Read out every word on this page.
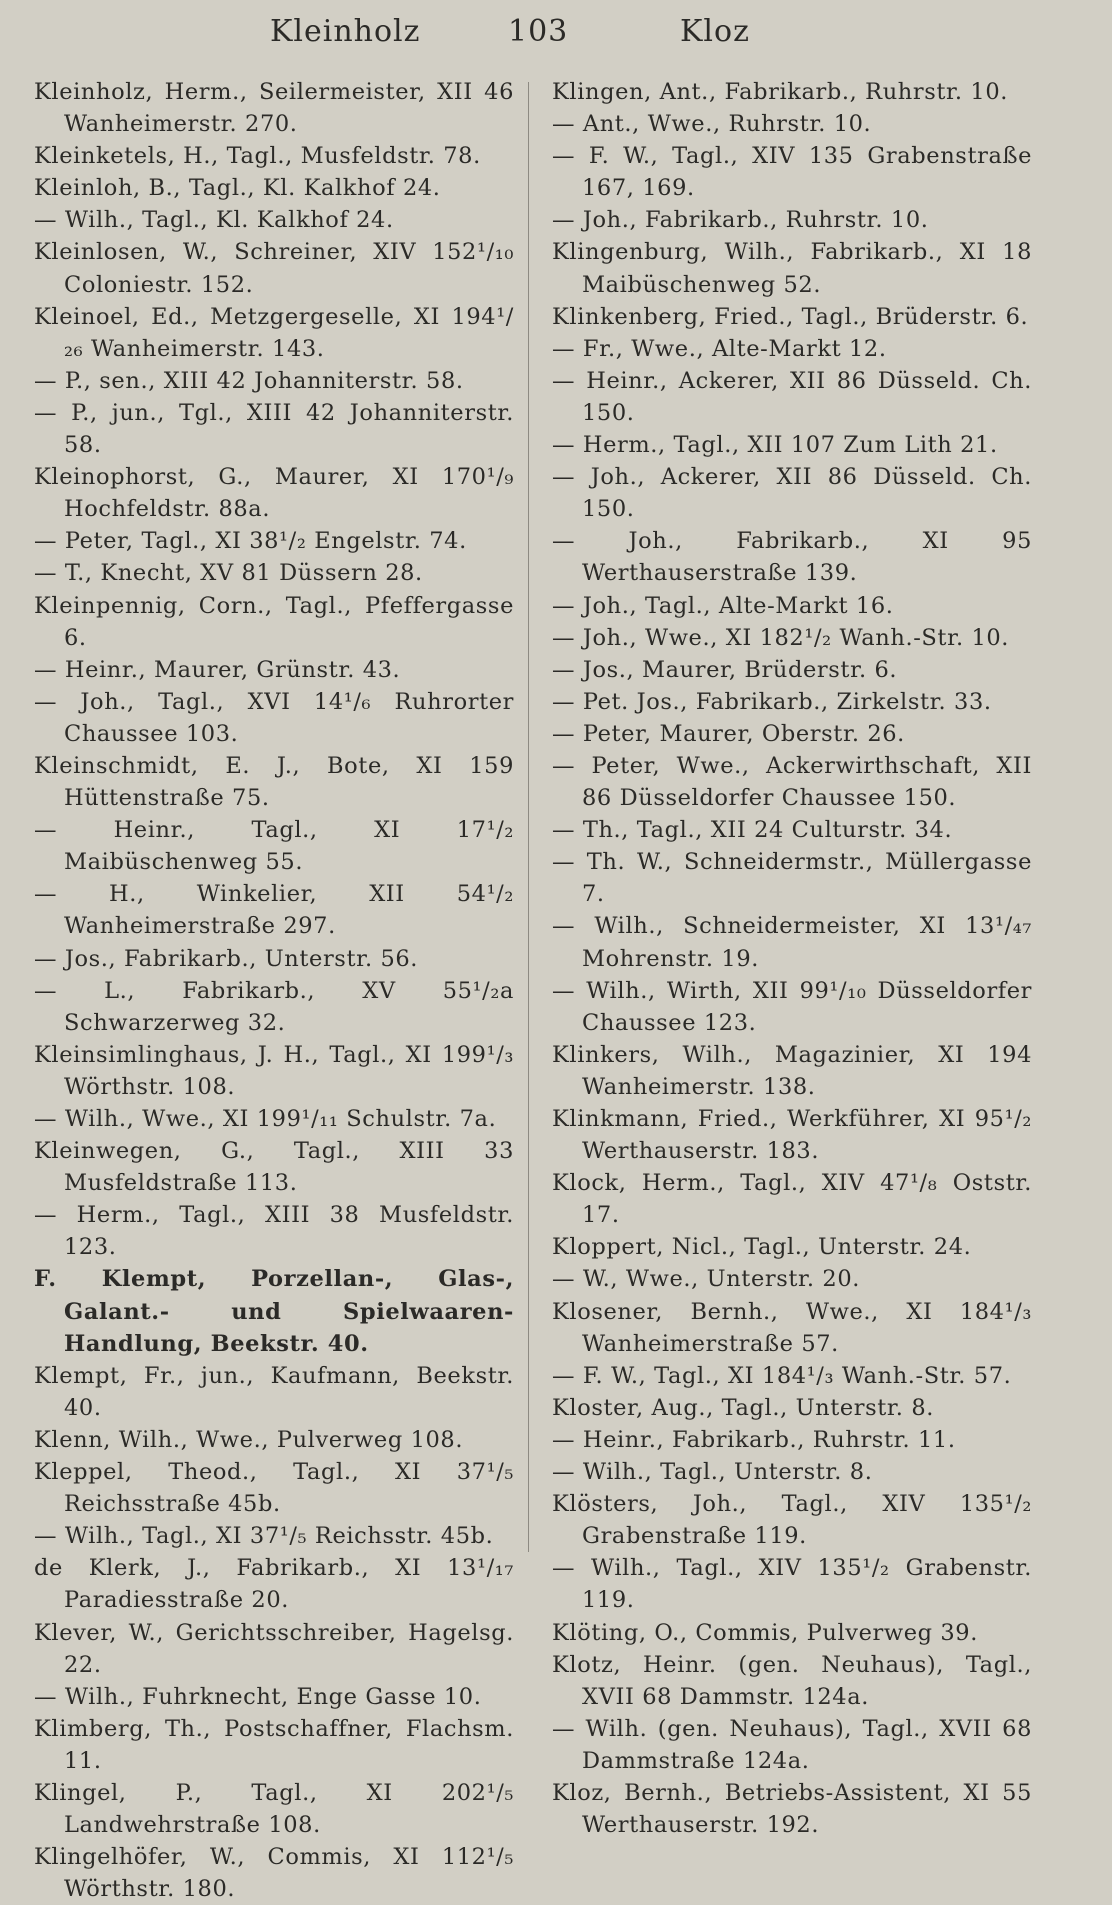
Kleinholz	103	Kloz
Kleinholz, Herm., Seilermeister, XII 46 Wanheimerstr. 270.
Kleinketels, H., Tagl., Musfeldstr. 78.
Kleinloh, B., Tagl., Kl. Kalkhof 24.
— Wilh., Tagl., Kl. Kalkhof 24.
Kleinlosen, W., Schreiner, XIV 152¹/₁₀ Coloniestr. 152.
Kleinoel, Ed., Metzgergeselle, XI 194¹/₂₆ Wanheimerstr. 143.
— P., sen., XIII 42 Johanniterstr. 58.
— P., jun., Tgl., XIII 42 Johanniterstr. 58.
Kleinophorst, G., Maurer, XI 170¹/₉ Hochfeldstr. 88a.
— Peter, Tagl., XI 38¹/₂ Engelstr. 74.
— T., Knecht, XV 81 Düssern 28.
Kleinpennig, Corn., Tagl., Pfeffergasse 6.
— Heinr., Maurer, Grünstr. 43.
— Joh., Tagl., XVI 14¹/₆ Ruhrorter Chaussee 103.
Kleinschmidt, E. J., Bote, XI 159 Hüttenstraße 75.
— Heinr., Tagl., XI 17¹/₂ Maibüschenweg 55.
— H., Winkelier, XII 54¹/₂ Wanheimerstraße 297.
— Jos., Fabrikarb., Unterstr. 56.
— L., Fabrikarb., XV 55¹/₂a Schwarzerweg 32.
Kleinsimlinghaus, J. H., Tagl., XI 199¹/₃ Wörthstr. 108.
— Wilh., Wwe., XI 199¹/₁₁ Schulstr. 7a.
Kleinwegen, G., Tagl., XIII 33 Musfeldstraße 113.
— Herm., Tagl., XIII 38 Musfeldstr. 123.
F. Klempt, Porzellan-, Glas-, Galant.- und Spielwaaren-Handlung, Beekstr. 40.
Klempt, Fr., jun., Kaufmann, Beekstr. 40.
Klenn, Wilh., Wwe., Pulverweg 108.
Kleppel, Theod., Tagl., XI 37¹/₅ Reichsstraße 45b.
— Wilh., Tagl., XI 37¹/₅ Reichsstr. 45b.
de Klerk, J., Fabrikarb., XI 13¹/₁₇ Paradiesstraße 20.
Klever, W., Gerichtsschreiber, Hagelsg. 22.
— Wilh., Fuhrknecht, Enge Gasse 10.
Klimberg, Th., Postschaffner, Flachsm. 11.
Klingel, P., Tagl., XI 202¹/₅ Landwehrstraße 108.
Klingelhöfer, W., Commis, XI 112¹/₅ Wörthstr. 180.
Klingen, Ant., Fabrikarb., Ruhrstr. 10.
— Ant., Wwe., Ruhrstr. 10.
— F. W., Tagl., XIV 135 Grabenstraße 167, 169.
— Joh., Fabrikarb., Ruhrstr. 10.
Klingenburg, Wilh., Fabrikarb., XI 18 Maibüschenweg 52.
Klinkenberg, Fried., Tagl., Brüderstr. 6.
— Fr., Wwe., Alte-Markt 12.
— Heinr., Ackerer, XII 86 Düsseld. Ch. 150.
— Herm., Tagl., XII 107 Zum Lith 21.
— Joh., Ackerer, XII 86 Düsseld. Ch. 150.
— Joh., Fabrikarb., XI 95 Werthauserstraße 139.
— Joh., Tagl., Alte-Markt 16.
— Joh., Wwe., XI 182¹/₂ Wanh.-Str. 10.
— Jos., Maurer, Brüderstr. 6.
— Pet. Jos., Fabrikarb., Zirkelstr. 33.
— Peter, Maurer, Oberstr. 26.
— Peter, Wwe., Ackerwirthschaft, XII 86 Düsseldorfer Chaussee 150.
— Th., Tagl., XII 24 Culturstr. 34.
— Th. W., Schneidermstr., Müllergasse 7.
— Wilh., Schneidermeister, XI 13¹/₄₇ Mohrenstr. 19.
— Wilh., Wirth, XII 99¹/₁₀ Düsseldorfer Chaussee 123.
Klinkers, Wilh., Magazinier, XI 194 Wanheimerstr. 138.
Klinkmann, Fried., Werkführer, XI 95¹/₂ Werthauserstr. 183.
Klock, Herm., Tagl., XIV 47¹/₈ Oststr. 17.
Kloppert, Nicl., Tagl., Unterstr. 24.
— W., Wwe., Unterstr. 20.
Klosener, Bernh., Wwe., XI 184¹/₃ Wanheimerstraße 57.
— F. W., Tagl., XI 184¹/₃ Wanh.-Str. 57.
Kloster, Aug., Tagl., Unterstr. 8.
— Heinr., Fabrikarb., Ruhrstr. 11.
— Wilh., Tagl., Unterstr. 8.
Klösters, Joh., Tagl., XIV 135¹/₂ Grabenstraße 119.
— Wilh., Tagl., XIV 135¹/₂ Grabenstr. 119.
Klöting, O., Commis, Pulverweg 39.
Klotz, Heinr. (gen. Neuhaus), Tagl., XVII 68 Dammstr. 124a.
— Wilh. (gen. Neuhaus), Tagl., XVII 68 Dammstraße 124a.
Kloz, Bernh., Betriebs-Assistent, XI 55 Werthauserstr. 192.
